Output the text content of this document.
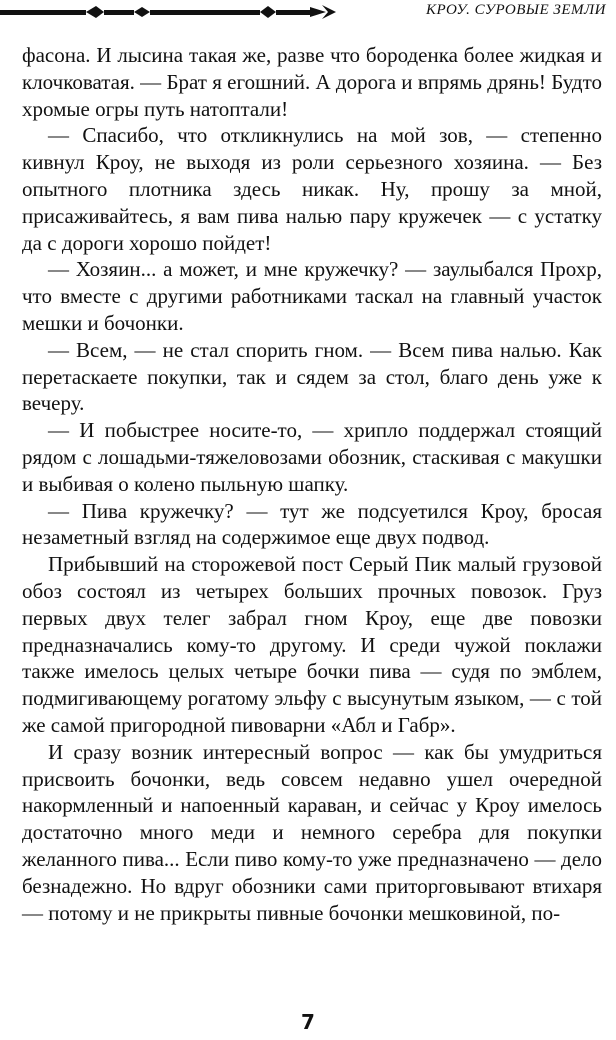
КРОУ. СУРОВЫЕ ЗЕМЛИ

фасона. И лысина такая же, разве что бороденка более жидкая и клочковатая. — Брат я егошний. А дорога и впрямь дрянь! Будто хромые огры путь натоптали!

— Спасибо, что откликнулись на мой зов, — степенно кивнул Кроу, не выходя из роли серьезного хозяина. — Без опытного плотника здесь никак. Ну, прошу за мной, присаживайтесь, я вам пива налью пару кружечек — с устатку да с дороги хорошо пойдет!

— Хозяин... а может, и мне кружечку? — заулыбался Прохр, что вместе с другими работниками таскал на главный участок мешки и бочонки.

— Всем, — не стал спорить гном. — Всем пива налью. Как перетаскаете покупки, так и сядем за стол, благо день уже к вечеру.

— И побыстрее носите-то, — хрипло поддержал стоящий рядом с лошадьми-тяжеловозами обозник, стаскивая с макушки и выбивая о колено пыльную шапку.

— Пива кружечку? — тут же подсуетился Кроу, бросая незаметный взгляд на содержимое еще двух подвод.

Прибывший на сторожевой пост Серый Пик малый грузовой обоз состоял из четырех больших прочных повозок. Груз первых двух телег забрал гном Кроу, еще две повозки предназначались кому-то другому. И среди чужой поклажи также имелось целых четыре бочки пива — судя по эмблем, подмигивающему рогатому эльфу с высунутым языком, — с той же самой пригородной пивоварни «Абл и Габр».

И сразу возник интересный вопрос — как бы умудриться присвоить бочонки, ведь совсем недавно ушел очередной накормленный и напоенный караван, и сейчас у Кроу имелось достаточно много меди и немного серебра для покупки желанного пива... Если пиво кому-то уже предназначено — дело безнадежно. Но вдруг обозники сами приторговывают втихаря — потому и не прикрыты пивные бочонки мешковиной, по-

7
